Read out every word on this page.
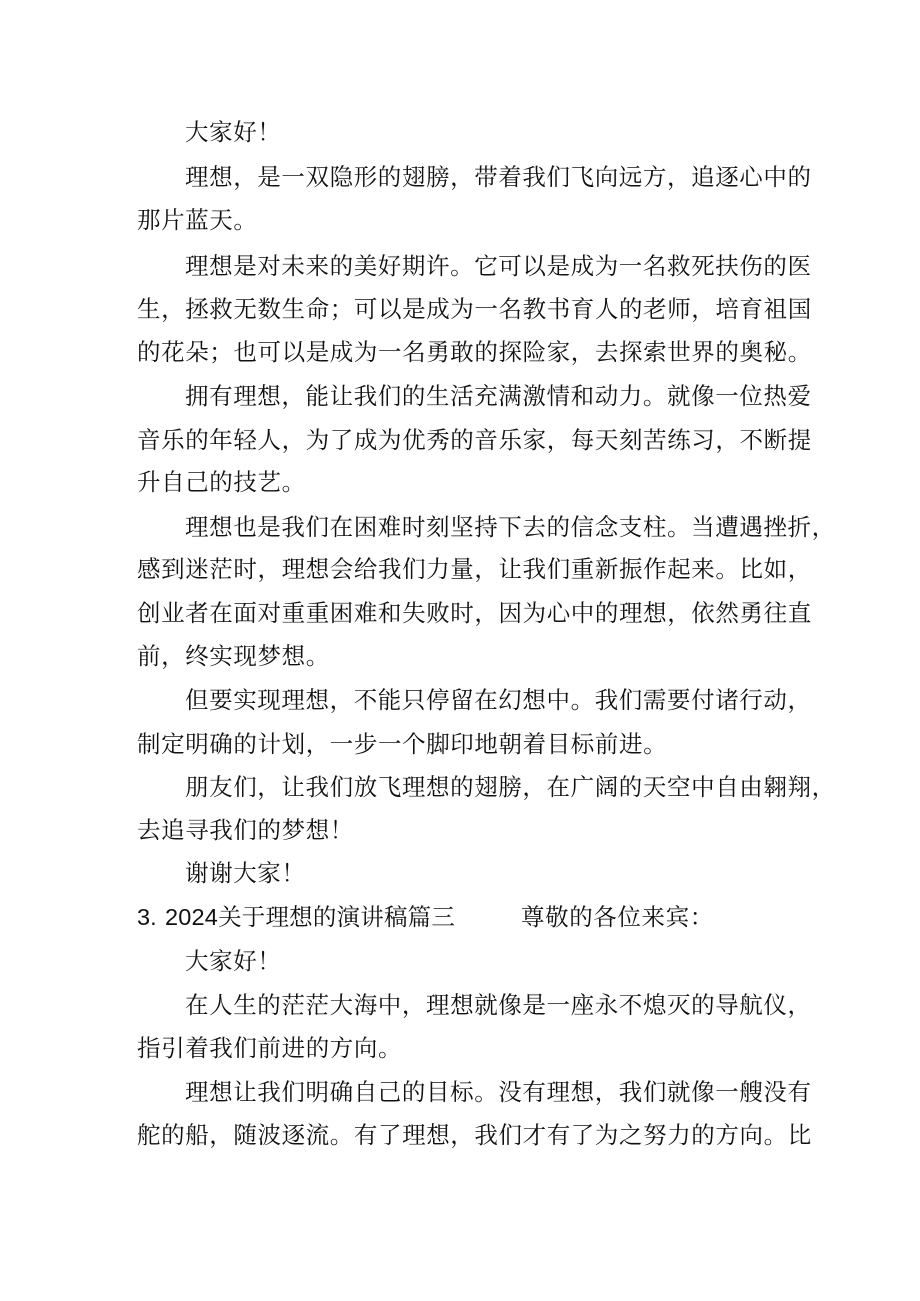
大家好！
理想，是一双隐形的翅膀，带着我们飞向远方，追逐心中的
那片蓝天。
理想是对未来的美好期许。它可以是成为一名救死扶伤的医
生，拯救无数生命；可以是成为一名教书育人的老师，培育祖国
的花朵；也可以是成为一名勇敢的探险家，去探索世界的奥秘。
拥有理想，能让我们的生活充满激情和动力。就像一位热爱
音乐的年轻人，为了成为优秀的音乐家，每天刻苦练习，不断提
升自己的技艺。
理想也是我们在困难时刻坚持下去的信念支柱。当遭遇挫折，
感到迷茫时，理想会给我们力量，让我们重新振作起来。比如，
创业者在面对重重困难和失败时，因为心中的理想，依然勇往直
前，终实现梦想。
但要实现理想，不能只停留在幻想中。我们需要付诸行动，
制定明确的计划，一步一个脚印地朝着目标前进。
朋友们，让我们放飞理想的翅膀，在广阔的天空中自由翱翔，
去追寻我们的梦想！
谢谢大家！
3. 2024关于理想的演讲稿篇三	尊敬的各位来宾：
大家好！
在人生的茫茫大海中，理想就像是一座永不熄灭的导航仪，
指引着我们前进的方向。
理想让我们明确自己的目标。没有理想，我们就像一艘没有
舵的船，随波逐流。有了理想，我们才有了为之努力的方向。比
